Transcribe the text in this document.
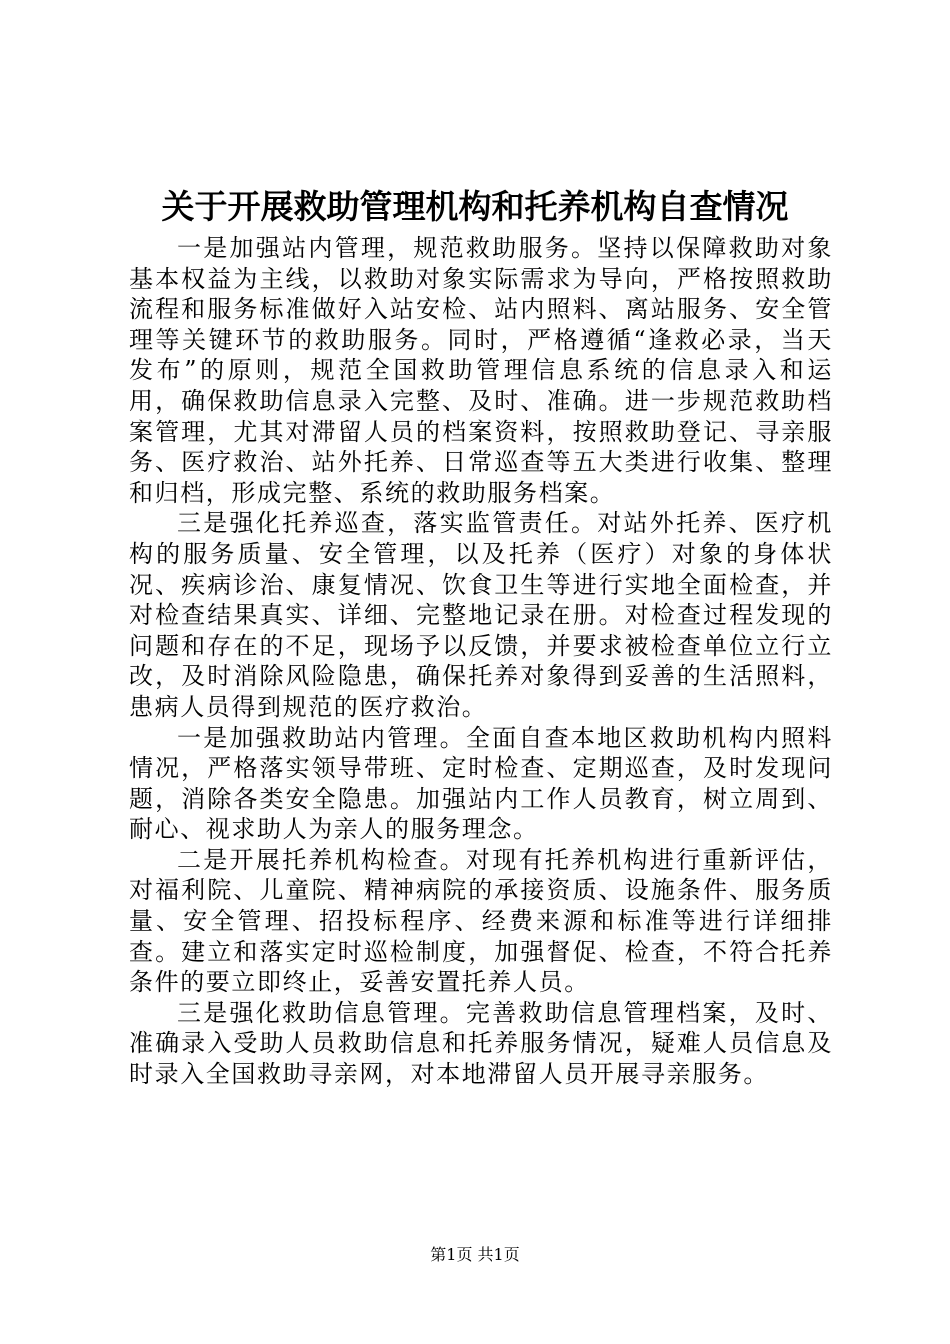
关于开展救助管理机构和托养机构自查情况

一是加强站内管理，规范救助服务。坚持以保障救助对象基本权益为主线，以救助对象实际需求为导向，严格按照救助流程和服务标准做好入站安检、站内照料、离站服务、安全管理等关键环节的救助服务。同时，严格遵循“逢救必录，当天发布”的原则，规范全国救助管理信息系统的信息录入和运用，确保救助信息录入完整、及时、准确。进一步规范救助档案管理，尤其对滞留人员的档案资料，按照救助登记、寻亲服务、医疗救治、站外托养、日常巡查等五大类进行收集、整理和归档，形成完整、系统的救助服务档案。

三是强化托养巡查，落实监管责任。对站外托养、医疗机构的服务质量、安全管理，以及托养（医疗）对象的身体状况、疾病诊治、康复情况、饮食卫生等进行实地全面检查，并对检查结果真实、详细、完整地记录在册。对检查过程发现的问题和存在的不足，现场予以反馈，并要求被检查单位立行立改，及时消除风险隐患，确保托养对象得到妥善的生活照料，患病人员得到规范的医疗救治。

一是加强救助站内管理。全面自查本地区救助机构内照料情况，严格落实领导带班、定时检查、定期巡查，及时发现问题，消除各类安全隐患。加强站内工作人员教育，树立周到、耐心、视求助人为亲人的服务理念。

二是开展托养机构检查。对现有托养机构进行重新评估，对福利院、儿童院、精神病院的承接资质、设施条件、服务质量、安全管理、招投标程序、经费来源和标准等进行详细排查。建立和落实定时巡检制度，加强督促、检查，不符合托养条件的要立即终止，妥善安置托养人员。

三是强化救助信息管理。完善救助信息管理档案，及时、准确录入受助人员救助信息和托养服务情况，疑难人员信息及时录入全国救助寻亲网，对本地滞留人员开展寻亲服务。

第1页 共1页
